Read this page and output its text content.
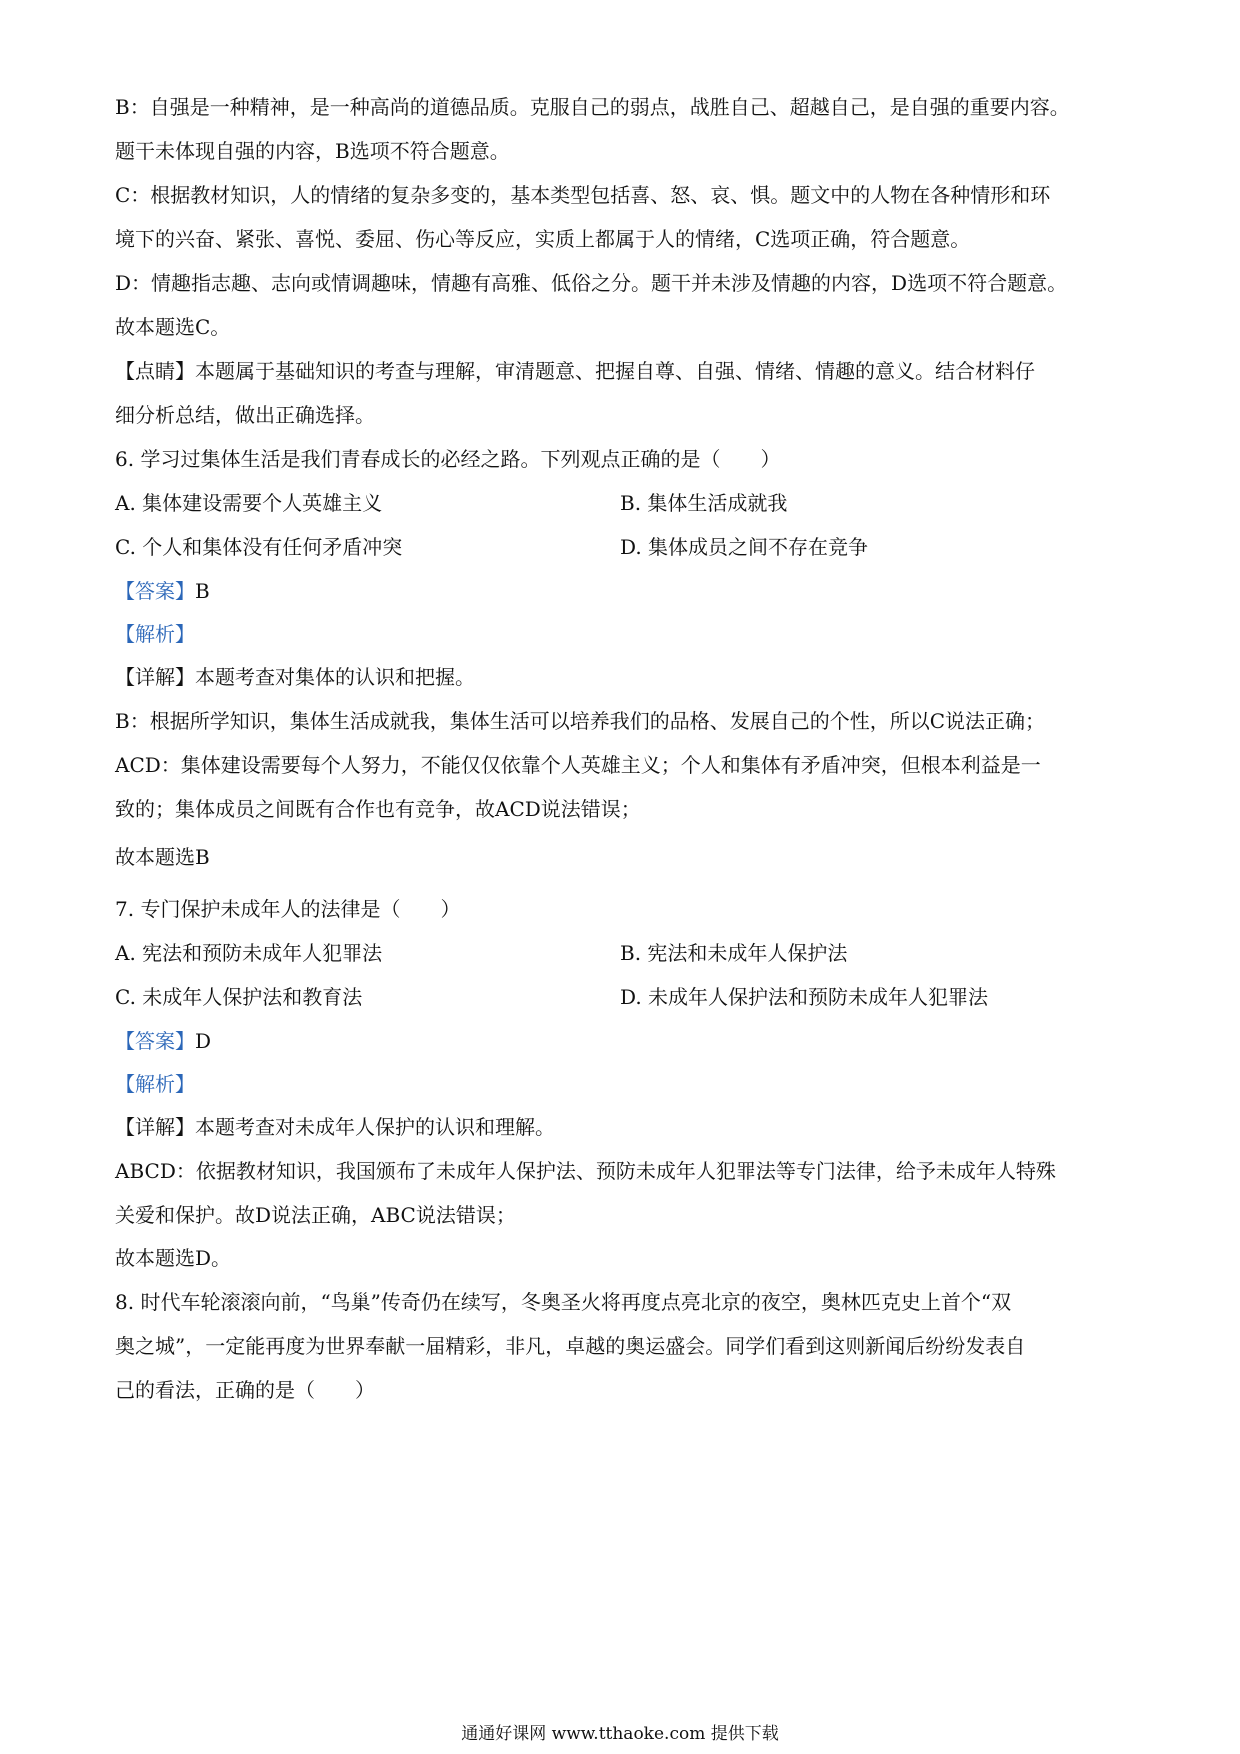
B：自强是一种精神，是一种高尚的道德品质。克服自己的弱点，战胜自己、超越自己，是自强的重要内容。
题干未体现自强的内容，B选项不符合题意。
C：根据教材知识，人的情绪的复杂多变的，基本类型包括喜、怒、哀、惧。题文中的人物在各种情形和环
境下的兴奋、紧张、喜悦、委屈、伤心等反应，实质上都属于人的情绪，C选项正确，符合题意。
D：情趣指志趣、志向或情调趣味，情趣有高雅、低俗之分。题干并未涉及情趣的内容，D选项不符合题意。
故本题选C。
【点睛】本题属于基础知识的考查与理解，审清题意、把握自尊、自强、情绪、情趣的意义。结合材料仔
细分析总结，做出正确选择。
6. 学习过集体生活是我们青春成长的必经之路。下列观点正确的是（　　）
A. 集体建设需要个人英雄主义	B. 集体生活成就我
C. 个人和集体没有任何矛盾冲突	D. 集体成员之间不存在竞争
【答案】B
【解析】
【详解】本题考查对集体的认识和把握。
B：根据所学知识，集体生活成就我，集体生活可以培养我们的品格、发展自己的个性，所以C说法正确；
ACD：集体建设需要每个人努力，不能仅仅依靠个人英雄主义；个人和集体有矛盾冲突，但根本利益是一
致的；集体成员之间既有合作也有竞争，故ACD说法错误；
故本题选B
7. 专门保护未成年人的法律是（　　）
A. 宪法和预防未成年人犯罪法	B. 宪法和未成年人保护法
C. 未成年人保护法和教育法	D. 未成年人保护法和预防未成年人犯罪法
【答案】D
【解析】
【详解】本题考查对未成年人保护的认识和理解。
ABCD：依据教材知识，我国颁布了未成年人保护法、预防未成年人犯罪法等专门法律，给予未成年人特殊
关爱和保护。故D说法正确，ABC说法错误；
故本题选D。
8. 时代车轮滚滚向前，“鸟巢”传奇仍在续写，冬奥圣火将再度点亮北京的夜空，奥林匹克史上首个“双
奥之城”，一定能再度为世界奉献一届精彩，非凡，卓越的奥运盛会。同学们看到这则新闻后纷纷发表自
己的看法，正确的是（　　）
通通好课网 www.tthaoke.com 提供下载
